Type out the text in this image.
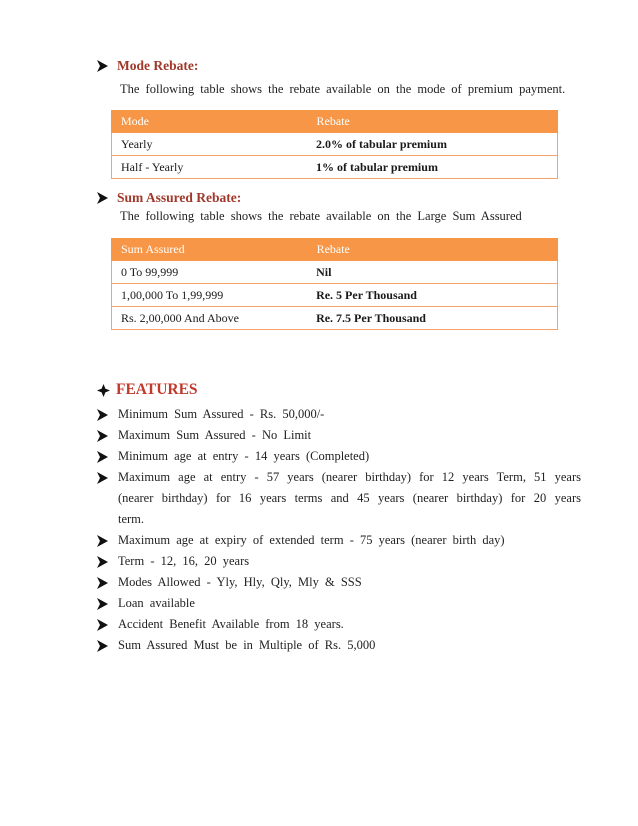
Mode Rebate:
The following table shows the rebate available on the mode of premium payment.
Mode	Rebate
Yearly	2.0% of tabular premium
Half - Yearly	1% of tabular premium
Sum Assured Rebate:
The following table shows the rebate available on the Large Sum Assured
Sum Assured	Rebate
0 To 99,999	Nil
1,00,000 To 1,99,999	Re. 5 Per Thousand
Rs. 2,00,000 And Above	Re. 7.5 Per Thousand
FEATURES
Minimum Sum Assured - Rs. 50,000/-
Maximum Sum Assured - No Limit
Minimum age at entry - 14 years (Completed)
Maximum age at entry - 57 years (nearer birthday) for 12 years Term, 51 years (nearer birthday) for 16 years terms and 45 years (nearer birthday) for 20 years term.
Maximum age at expiry of extended term - 75 years (nearer birth day)
Term - 12, 16, 20 years
Modes Allowed - Yly, Hly, Qly, Mly & SSS
Loan available
Accident Benefit Available from 18 years.
Sum Assured Must be in Multiple of Rs. 5,000
